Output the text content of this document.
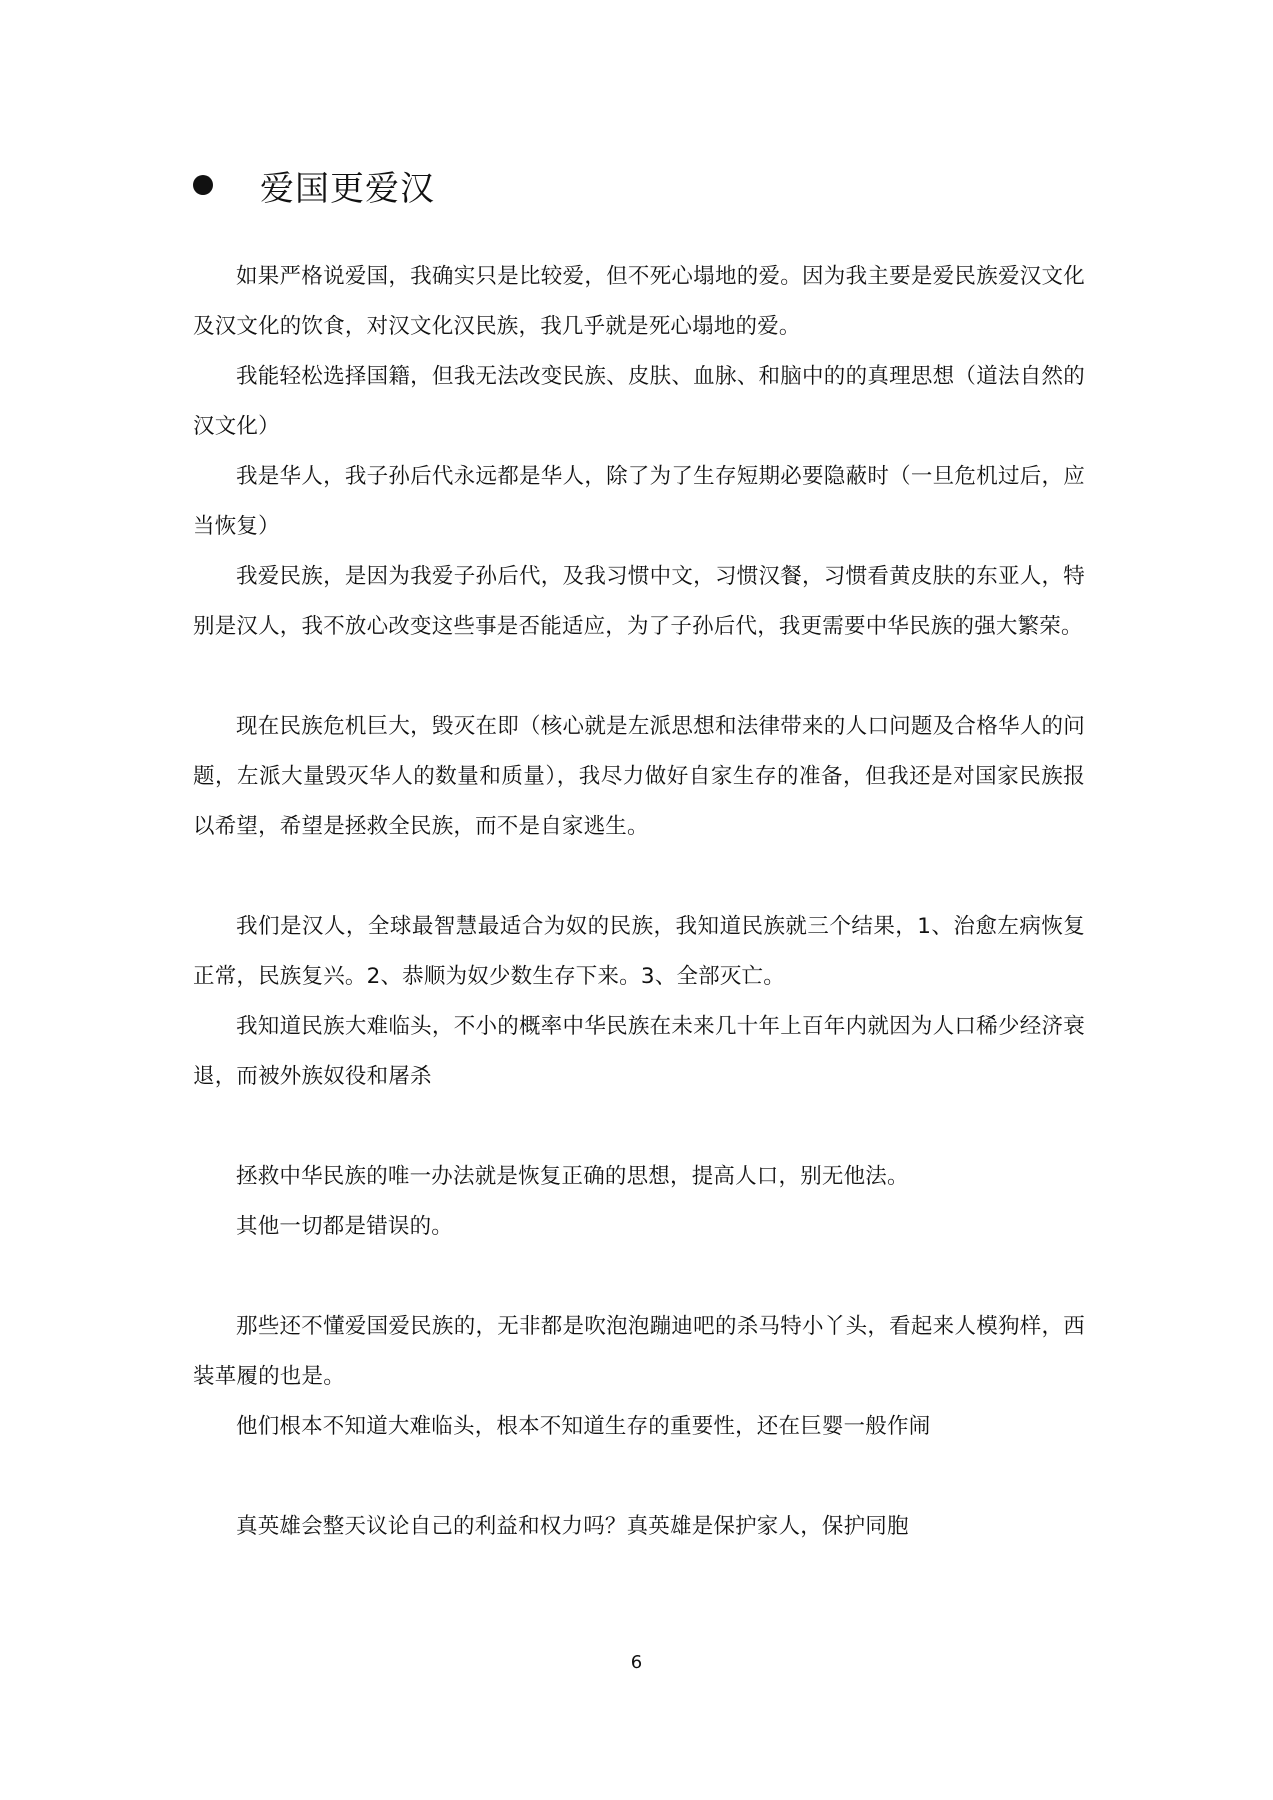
爱国更爱汉

如果严格说爱国，我确实只是比较爱，但不死心塌地的爱。因为我主要是爱民族爱汉文化及汉文化的饮食，对汉文化汉民族，我几乎就是死心塌地的爱。

我能轻松选择国籍，但我无法改变民族、皮肤、血脉、和脑中的的真理思想（道法自然的汉文化）

我是华人，我子孙后代永远都是华人，除了为了生存短期必要隐蔽时（一旦危机过后，应当恢复）

我爱民族，是因为我爱子孙后代，及我习惯中文，习惯汉餐，习惯看黄皮肤的东亚人，特别是汉人，我不放心改变这些事是否能适应，为了子孙后代，我更需要中华民族的强大繁荣。

现在民族危机巨大，毁灭在即（核心就是左派思想和法律带来的人口问题及合格华人的问题，左派大量毁灭华人的数量和质量），我尽力做好自家生存的准备，但我还是对国家民族报以希望，希望是拯救全民族，而不是自家逃生。

我们是汉人，全球最智慧最适合为奴的民族，我知道民族就三个结果，1、治愈左病恢复正常，民族复兴。2、恭顺为奴少数生存下来。3、全部灭亡。

我知道民族大难临头，不小的概率中华民族在未来几十年上百年内就因为人口稀少经济衰退，而被外族奴役和屠杀

拯救中华民族的唯一办法就是恢复正确的思想，提高人口，别无他法。

其他一切都是错误的。

那些还不懂爱国爱民族的，无非都是吹泡泡蹦迪吧的杀马特小丫头，看起来人模狗样，西装革履的也是。

他们根本不知道大难临头，根本不知道生存的重要性，还在巨婴一般作闹

真英雄会整天议论自己的利益和权力吗？真英雄是保护家人，保护同胞

6
